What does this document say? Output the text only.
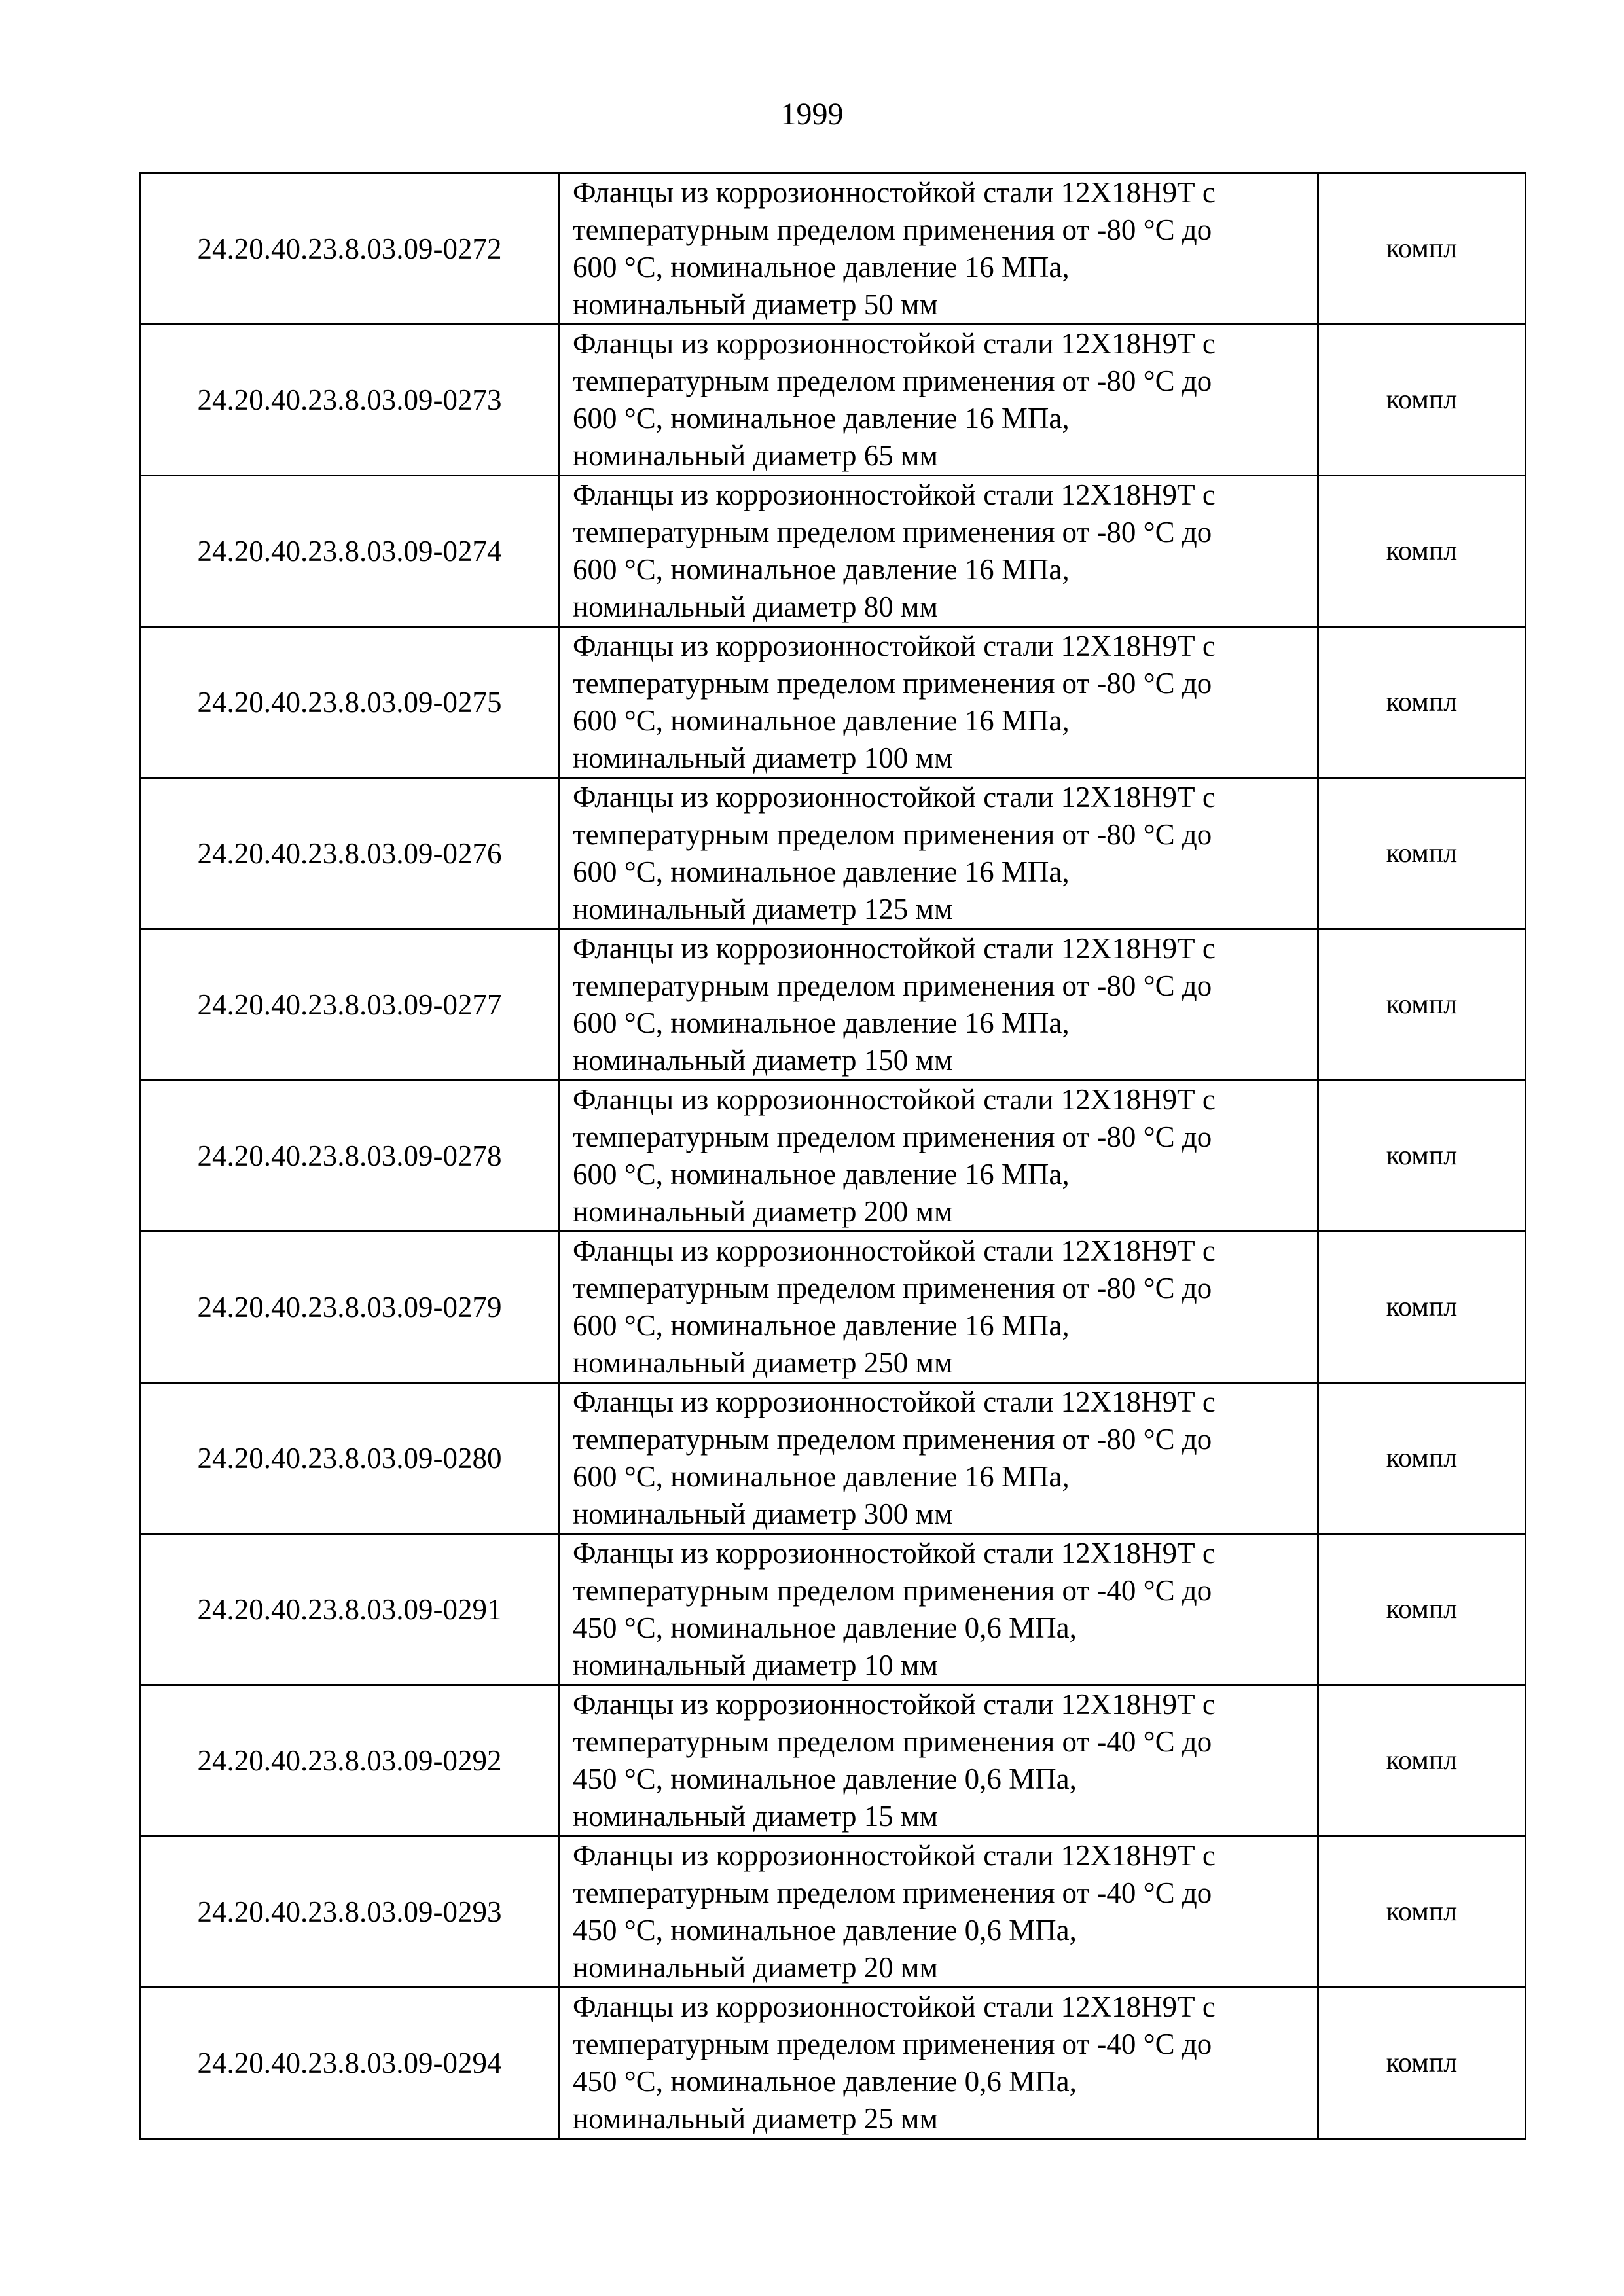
1999
24.20.40.23.8.03.09-0272	Фланцы из коррозионностойкой стали 12Х18Н9Т с
температурным пределом применения от -80 °С до
600 °С, номинальное давление 16 МПа,
номинальный диаметр 50 мм	компл
24.20.40.23.8.03.09-0273	Фланцы из коррозионностойкой стали 12Х18Н9Т с
температурным пределом применения от -80 °С до
600 °С, номинальное давление 16 МПа,
номинальный диаметр 65 мм	компл
24.20.40.23.8.03.09-0274	Фланцы из коррозионностойкой стали 12Х18Н9Т с
температурным пределом применения от -80 °С до
600 °С, номинальное давление 16 МПа,
номинальный диаметр 80 мм	компл
24.20.40.23.8.03.09-0275	Фланцы из коррозионностойкой стали 12Х18Н9Т с
температурным пределом применения от -80 °С до
600 °С, номинальное давление 16 МПа,
номинальный диаметр 100 мм	компл
24.20.40.23.8.03.09-0276	Фланцы из коррозионностойкой стали 12Х18Н9Т с
температурным пределом применения от -80 °С до
600 °С, номинальное давление 16 МПа,
номинальный диаметр 125 мм	компл
24.20.40.23.8.03.09-0277	Фланцы из коррозионностойкой стали 12Х18Н9Т с
температурным пределом применения от -80 °С до
600 °С, номинальное давление 16 МПа,
номинальный диаметр 150 мм	компл
24.20.40.23.8.03.09-0278	Фланцы из коррозионностойкой стали 12Х18Н9Т с
температурным пределом применения от -80 °С до
600 °С, номинальное давление 16 МПа,
номинальный диаметр 200 мм	компл
24.20.40.23.8.03.09-0279	Фланцы из коррозионностойкой стали 12Х18Н9Т с
температурным пределом применения от -80 °С до
600 °С, номинальное давление 16 МПа,
номинальный диаметр 250 мм	компл
24.20.40.23.8.03.09-0280	Фланцы из коррозионностойкой стали 12Х18Н9Т с
температурным пределом применения от -80 °С до
600 °С, номинальное давление 16 МПа,
номинальный диаметр 300 мм	компл
24.20.40.23.8.03.09-0291	Фланцы из коррозионностойкой стали 12Х18Н9Т с
температурным пределом применения от -40 °С до
450 °С, номинальное давление 0,6 МПа,
номинальный диаметр 10 мм	компл
24.20.40.23.8.03.09-0292	Фланцы из коррозионностойкой стали 12Х18Н9Т с
температурным пределом применения от -40 °С до
450 °С, номинальное давление 0,6 МПа,
номинальный диаметр 15 мм	компл
24.20.40.23.8.03.09-0293	Фланцы из коррозионностойкой стали 12Х18Н9Т с
температурным пределом применения от -40 °С до
450 °С, номинальное давление 0,6 МПа,
номинальный диаметр 20 мм	компл
24.20.40.23.8.03.09-0294	Фланцы из коррозионностойкой стали 12Х18Н9Т с
температурным пределом применения от -40 °С до
450 °С, номинальное давление 0,6 МПа,
номинальный диаметр 25 мм	компл
